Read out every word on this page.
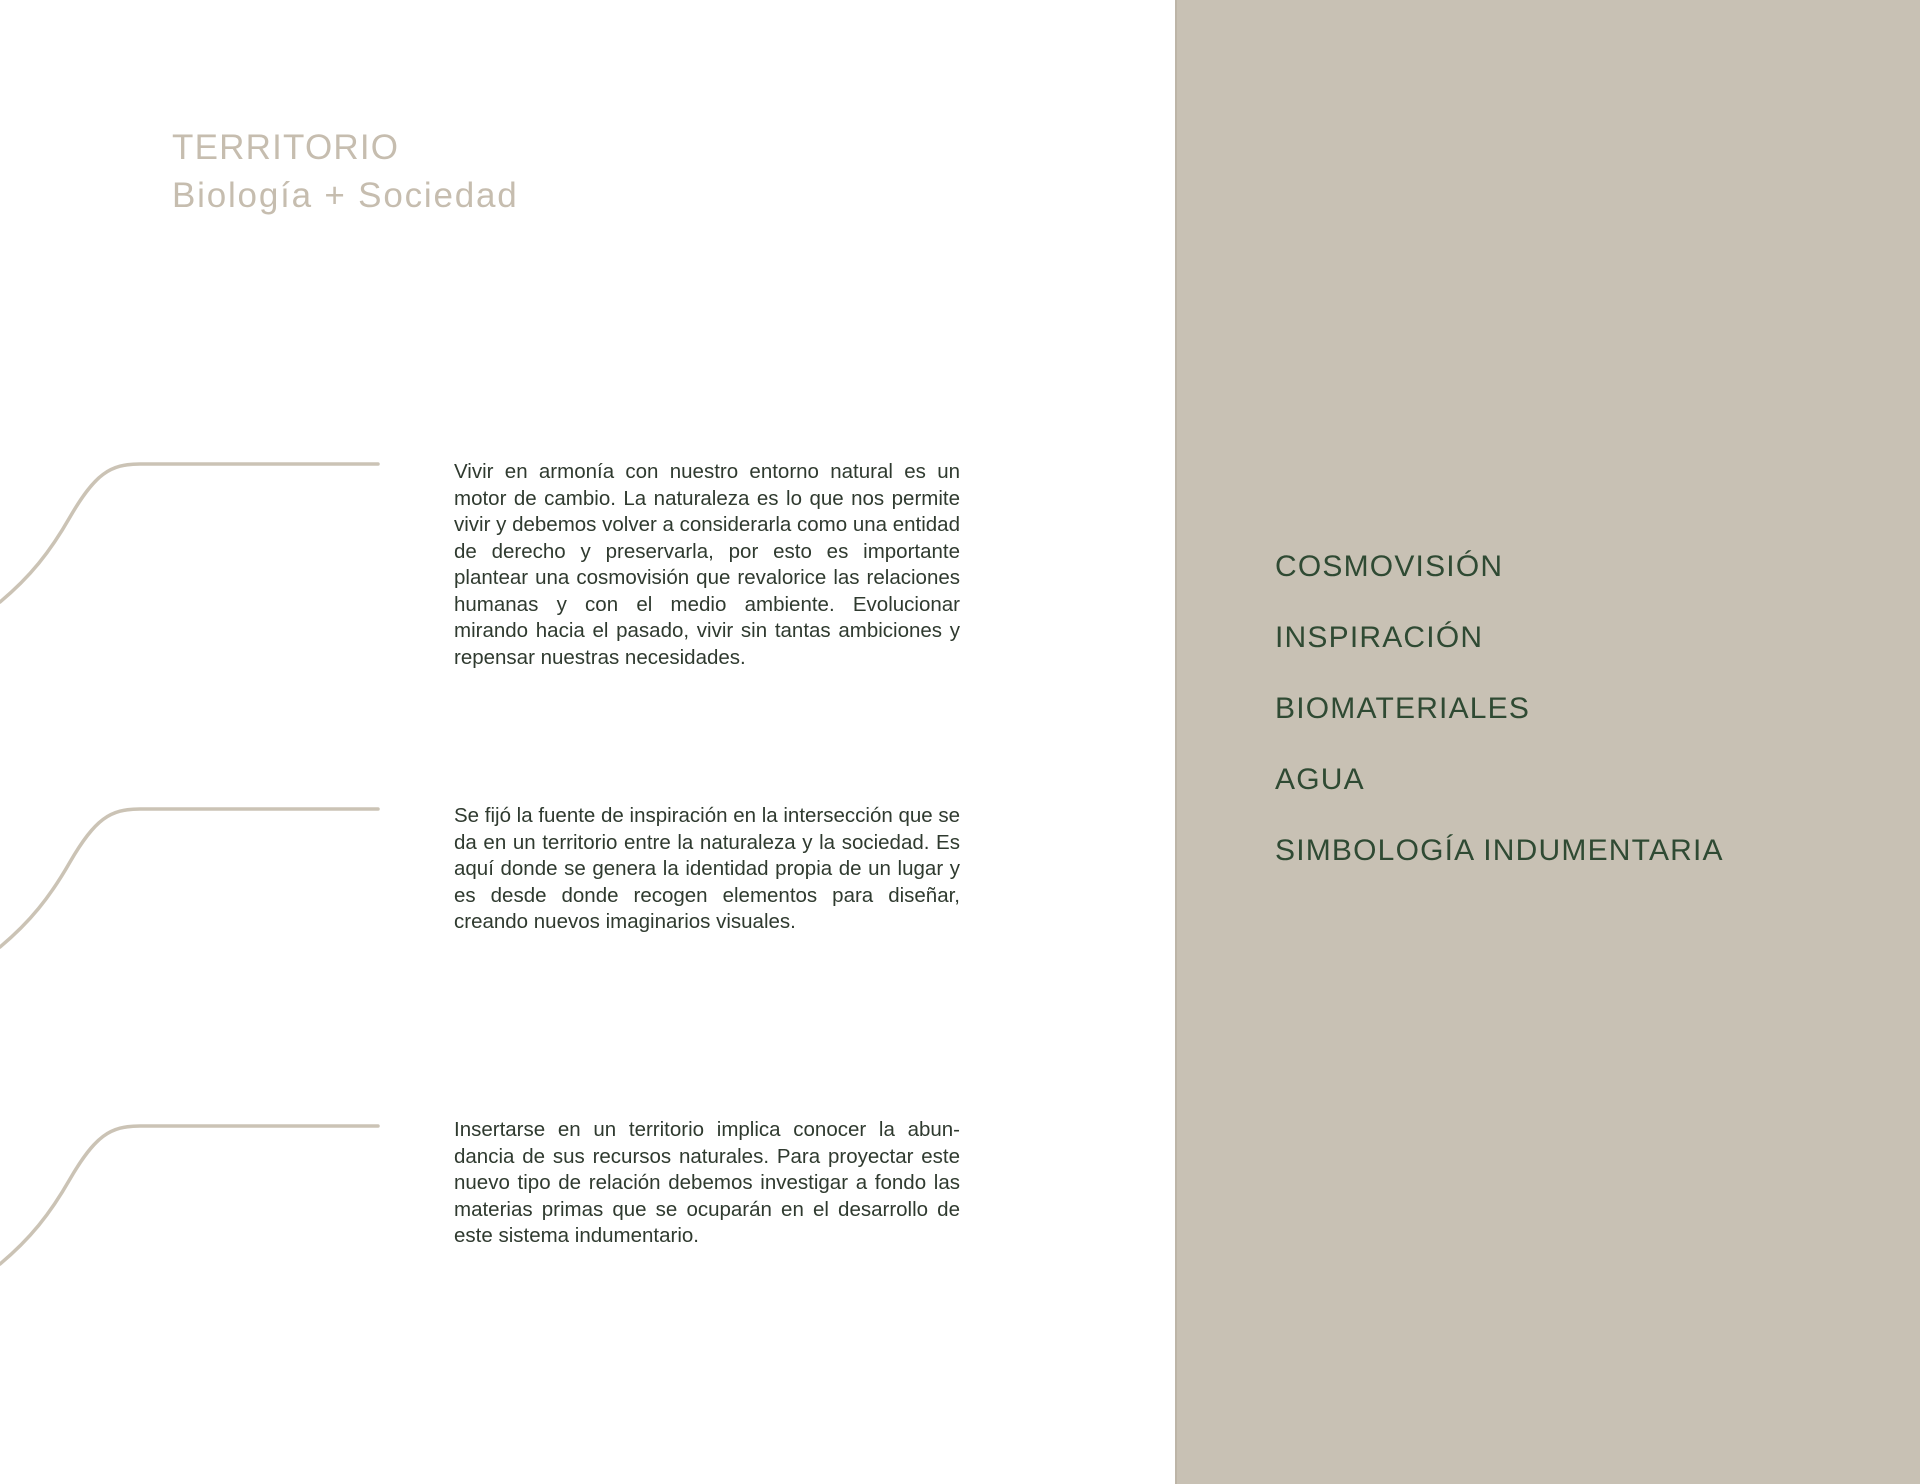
TERRITORIO
Biología + Sociedad

Vivir en armonía con nuestro entorno natural es un motor de cambio. La naturaleza es lo que nos permite vivir y debemos volver a considerarla como una entidad de derecho y preservarla, por esto es importante plantear una cosmovisión que revalorice las relaciones humanas y con el medio ambiente. Evolucionar mirando hacia el pasado, vivir sin tantas ambiciones y repensar nuestras necesidades.

Se fijó la fuente de inspiración en la intersección que se da en un territorio entre la naturaleza y la sociedad. Es aquí donde se genera la identidad propia de un lugar y es desde donde recogen elementos para diseñar, creando nuevos imaginarios visuales.

Insertarse en un territorio implica conocer la abundancia de sus recursos naturales. Para proyectar este nuevo tipo de relación debemos investigar a fondo las materias primas que se ocuparán en el desarrollo de este sistema indumentario.

COSMOVISIÓN
INSPIRACIÓN
BIOMATERIALES
AGUA
SIMBOLOGÍA INDUMENTARIA
